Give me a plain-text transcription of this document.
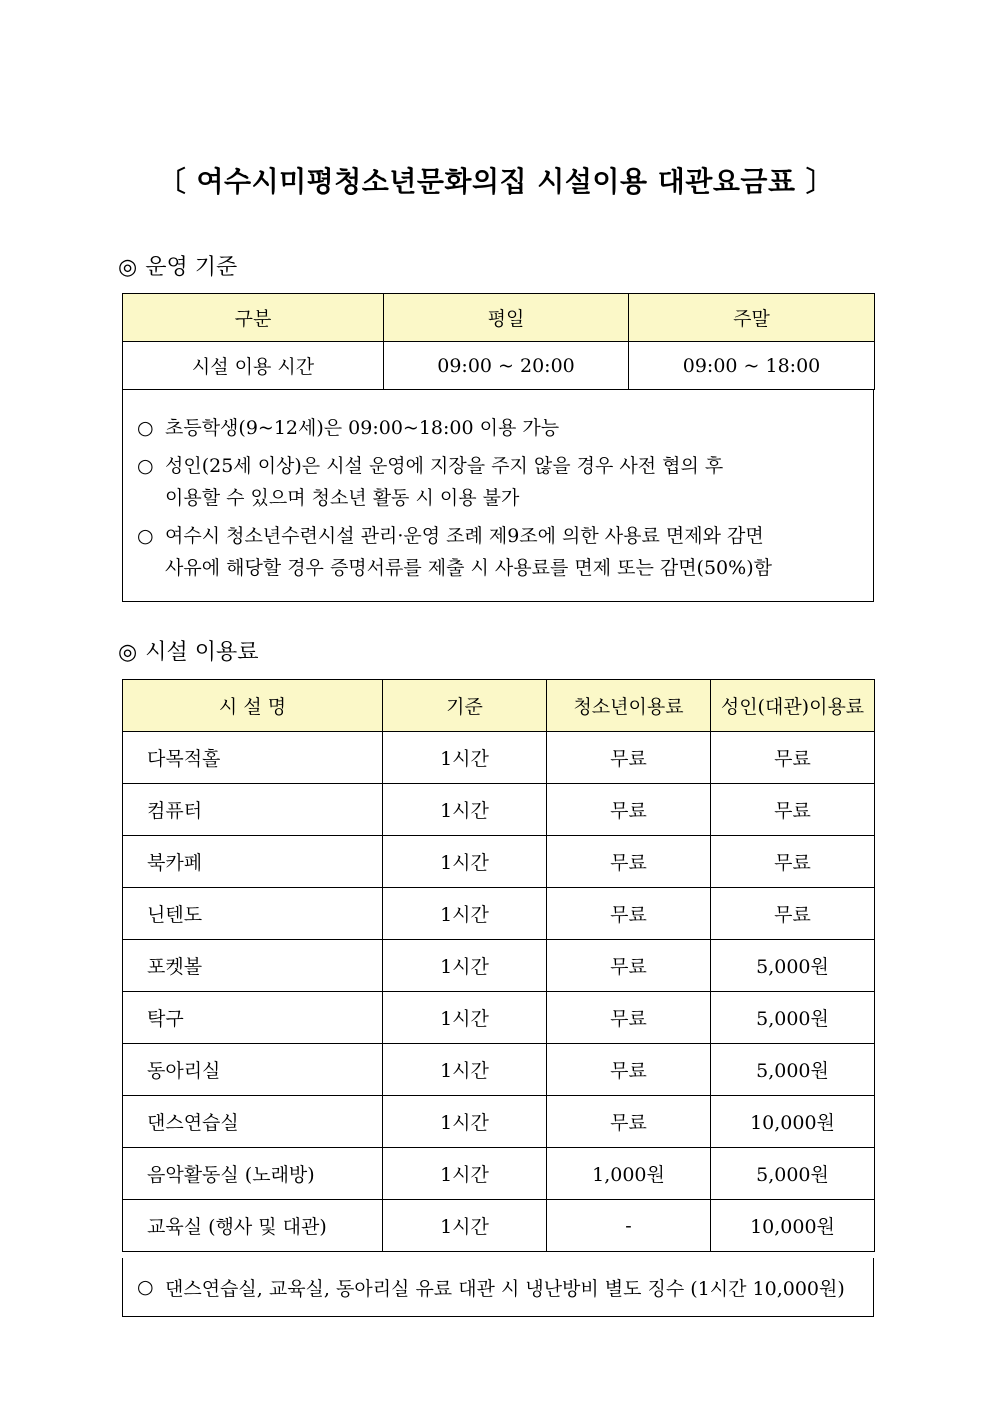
〔 여수시미평청소년문화의집 시설이용 대관요금표 〕
◎ 운영 기준
구분	평일	주말
시설 이용 시간	09:00 ~ 20:00	09:00 ~ 18:00
○ 초등학생(9~12세)은 09:00~18:00 이용 가능
○ 성인(25세 이상)은 시설 운영에 지장을 주지 않을 경우 사전 협의 후
이용할 수 있으며 청소년 활동 시 이용 불가
○ 여수시 청소년수련시설 관리·운영 조례 제9조에 의한 사용료 면제와 감면
사유에 해당할 경우 증명서류를 제출 시 사용료를 면제 또는 감면(50%)함
◎ 시설 이용료
시 설 명	기준	청소년이용료	성인(대관)이용료
다목적홀	1시간	무료	무료
컴퓨터	1시간	무료	무료
북카페	1시간	무료	무료
닌텐도	1시간	무료	무료
포켓볼	1시간	무료	5,000원
탁구	1시간	무료	5,000원
동아리실	1시간	무료	5,000원
댄스연습실	1시간	무료	10,000원
음악활동실 (노래방)	1시간	1,000원	5,000원
교육실 (행사 및 대관)	1시간	-	10,000원
○ 댄스연습실, 교육실, 동아리실 유료 대관 시 냉난방비 별도 징수 (1시간 10,000원)
